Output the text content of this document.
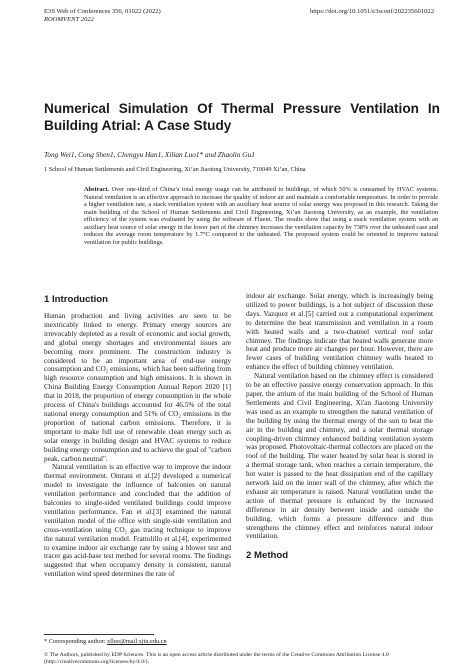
E3S Web of Conferences 356, 01022 (2022)
ROOMVENT 2022
https://doi.org/10.1051/e3sconf/202235601022
Numerical Simulation Of Thermal Pressure Ventilation In Building Atrial: A Case Study
Tong Wei1, Cong Shen1, Chengyu Han1, Xilian Luo1* and Zhaolin Gu1
1 School of Human Settlements and Civil Engineering, Xi’an Jiaotong University, 710049 Xi’an, China
Abstract. Over one-third of China’s total energy usage can be attributed to buildings, of which 50% is consumed by HVAC systems. Natural ventilation is an effective approach to increase the quality of indoor air and maintain a comfortable temperature. In order to provide a higher ventilation rate, a stack ventilation system with an auxiliary heat source of solar energy was proposed in this research. Taking the main building of the School of Human Settlements and Civil Engineering, Xi’an Jiaotong University, as an example, the ventilation efficiency of the system was evaluated by using the software of Fluent. The results show that using a stack ventilation system with an auxiliary heat source of solar energy in the lower part of the chimney increases the ventilation capacity by 738% over the unheated case and reduces the average room temperature by 1.7°C compared to the unheated. The proposed system could be oriented to improve natural ventilation for public buildings.
1 Introduction

Human production and living activities are seen to be inextricably linked to energy. Primary energy sources are irrevocably depleted as a result of economic and social growth, and global energy shortages and environmental issues are becoming more prominent. The construction industry is considered to be an important area of end-use energy consumption and CO₂ emissions, which has been suffering from high resource consumption and high emissions. It is shown in China Building Energy Consumption Annual Report 2020 [1] that in 2018, the proportion of energy consumption in the whole process of China's buildings accounted for 46.5% of the total national energy consumption and 51% of CO₂ emissions in the proportion of national carbon emissions. Therefore, it is important to make full use of renewable clean energy such as solar energy in building design and HVAC systems to reduce building energy consumption and to achieve the goal of "carbon peak, carbon neutral".

Natural ventilation is an effective way to improve the indoor thermal environment. Omrani et al.[2] developed a numerical model to investigate the influence of balconies on natural ventilation performance and concluded that the addition of balconies to single-sided ventilated buildings could improve ventilation performance. Fan et al.[3] examined the natural ventilation model of the office with single-side ventilation and cross-ventilation using CO₂ gas tracing technique to improve the natural ventilation model. Frattolillo et al.[4], experimented to examine indoor air exchange rate by using a blower test and tracer gas acid-base test method for several rooms. The findings suggested that when occupancy density is consistent, natural ventilation wind speed determines the rate of

indoor air exchange. Solar energy, which is increasingly being utilized to power buildings, is a hot subject of discussion these days. Vazquez et al.[5] carried out a computational experiment to determine the heat transmission and ventilation in a room with heated walls and a two-channel vertical roof solar chimney. The findings indicate that heated walls generate more heat and produce more air changes per hour. However, there are fewer cases of building ventilation chimney walls heated to enhance the effect of building chimney ventilation.

Natural ventilation based on the chimney effect is considered to be an effective passive energy conservation approach. In this paper, the atrium of the main building of the School of Human Settlements and Civil Engineering, Xi'an Jiaotong University was used as an example to strengthen the natural ventilation of the building by using the thermal energy of the sun to heat the air in the building and chimney, and a solar thermal storage coupling-driven chimney enhanced building ventilation system was proposed. Photovoltaic-thermal collectors are placed on the roof of the building. The water heated by solar heat is stored in a thermal storage tank, when reaches a certain temperature, the hot water is passed to the heat dissipation end of the capillary network laid on the inner wall of the chimney, after which the exhaust air temperature is raised. Natural ventilation under the action of thermal pressure is enhanced by the increased difference in air density between inside and outside the building, which forms a pressure difference and thus strengthens the chimney effect and reinforces natural indoor ventilation.

2 Method
* Corresponding author: xlluo@mail.xjtu.edu.cn
© The Authors, published by EDP Sciences. This is an open access article distributed under the terms of the Creative Commons Attribution License 4.0 (http://creativecommons.org/licenses/by/4.0/).
